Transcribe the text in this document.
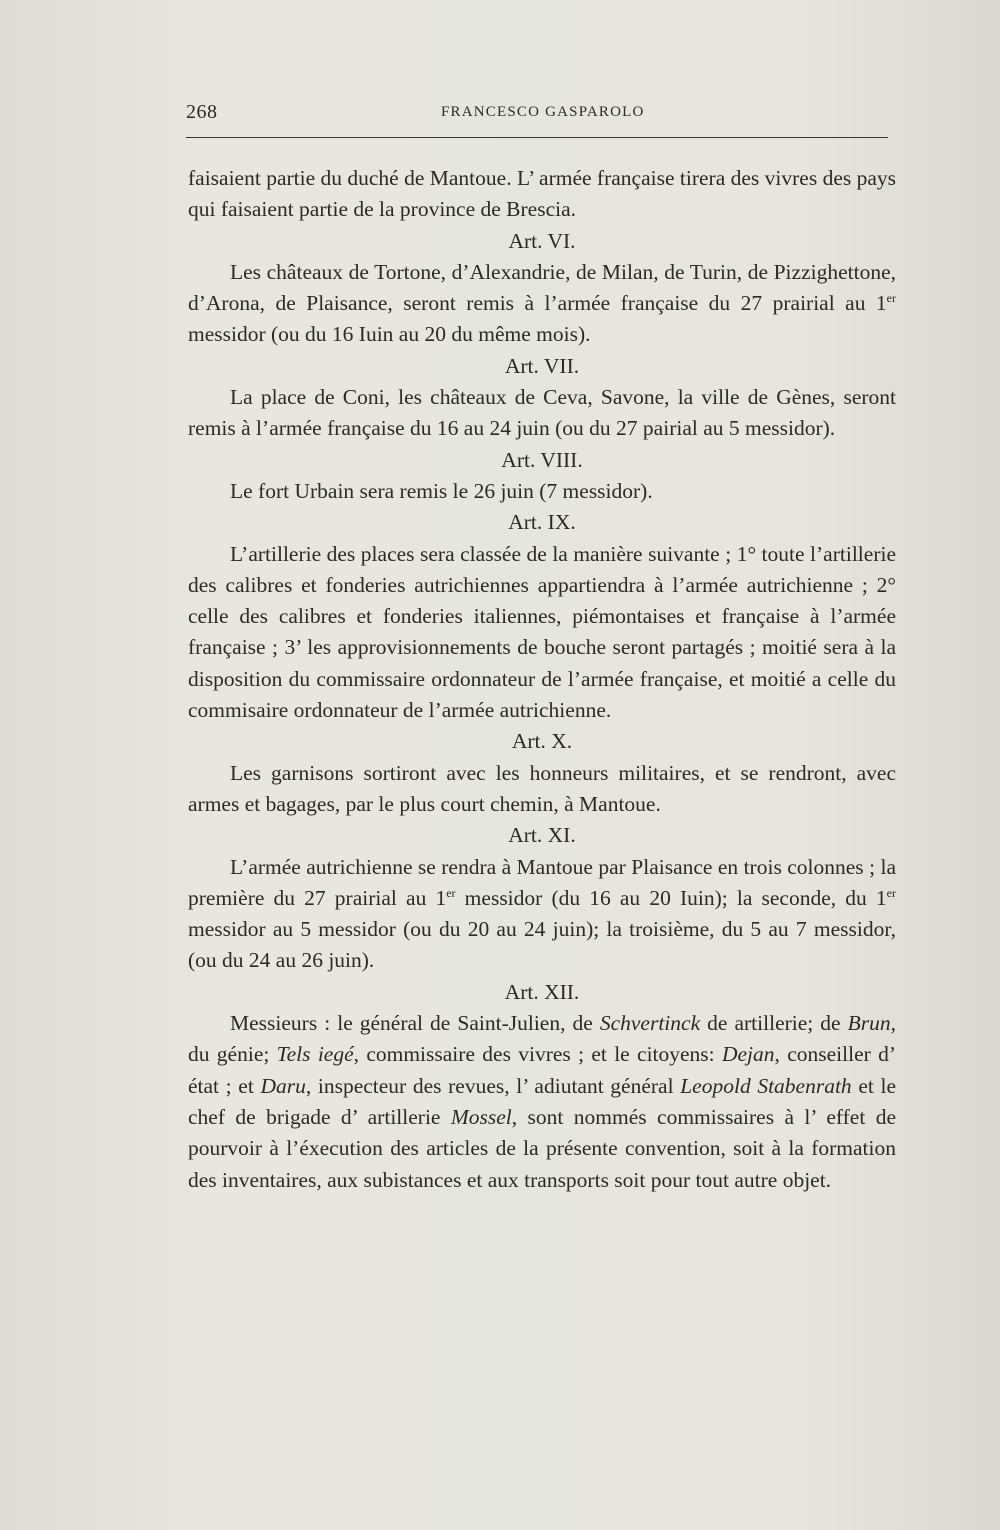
268	FRANCESCO GASPAROLO

faisaient partie du duché de Mantoue. L’ armée française tirera des vivres des pays qui faisaient partie de la province de Brescia.

Art. VI.

Les châteaux de Tortone, d’Alexandrie, de Milan, de Turin, de Pizzighettone, d’Arona, de Plaisance, seront remis à l’armée française du 27 prairial au 1er messidor (ou du 16 Iuin au 20 du même mois).

Art. VII.

La place de Coni, les châteaux de Ceva, Savone, la ville de Gènes, seront remis à l’armée française du 16 au 24 juin (ou du 27 pairial au 5 messidor).

Art. VIII.

Le fort Urbain sera remis le 26 juin (7 messidor).

Art. IX.

L’artillerie des places sera classée de la manière suivante ; 1° toute l’artillerie des calibres et fonderies autrichiennes appartiendra à l’armée autrichienne ; 2° celle des calibres et fonderies italiennes, piémontaises et française à l’armée française ; 3’ les approvisionnements de bouche seront partagés ; moitié sera à la disposition du commissaire ordonnateur de l’armée française, et moitié a celle du commisaire ordonnateur de l’armée autrichienne.

Art. X.

Les garnisons sortiront avec les honneurs militaires, et se rendront, avec armes et bagages, par le plus court chemin, à Mantoue.

Art. XI.

L’armée autrichienne se rendra à Mantoue par Plaisance en trois colonnes ; la première du 27 prairial au 1er messidor (du 16 au 20 Iuin); la seconde, du 1er messidor au 5 messidor (ou du 20 au 24 juin); la troisième, du 5 au 7 messidor, (ou du 24 au 26 juin).

Art. XII.

Messieurs : le général de Saint-Julien, de Schvertinck de artillerie; de Brun, du génie; Tels iegé, commissaire des vivres ; et le citoyens: Dejan, conseiller d’ état ; et Daru, inspecteur des revues, l’ adiutant général Leopold Stabenrath et le chef de brigade d’ artillerie Mossel, sont nommés commissaires à l’ effet de pourvoir à l’éxecution des articles de la présente convention, soit à la formation des inventaires, aux subistances et aux transports soit pour tout autre objet.
